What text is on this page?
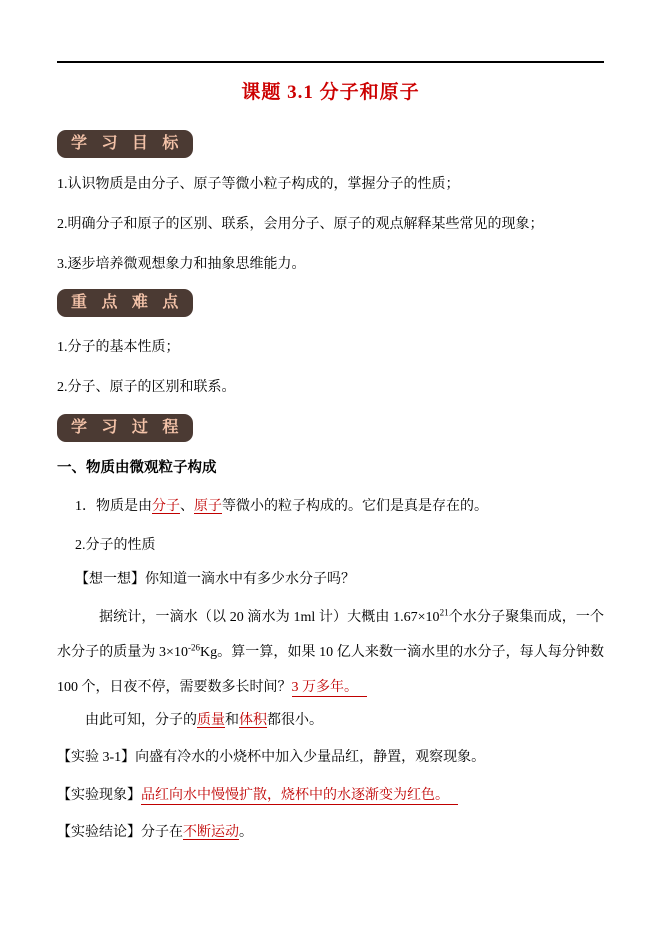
课题 3.1 分子和原子
学 习 目 标

1.认识物质是由分子、原子等微小粒子构成的，掌握分子的性质；

2.明确分子和原子的区别、联系，会用分子、原子的观点解释某些常见的现象；

3.逐步培养微观想象力和抽象思维能力。

重 点 难 点

1.分子的基本性质；

2.分子、原子的区别和联系。

学 习 过 程

一、物质由微观粒子构成

1．物质是由分子、原子等微小的粒子构成的。它们是真是存在的。

2.分子的性质

【想一想】你知道一滴水中有多少水分子吗？

据统计，一滴水（以 20 滴水为 1ml 计）大概由 $1.67\times 10^{21}$个水分子聚集而成，一个水分子的质量为 $3\times 10^{-26}Kg$。算一算，如果 10 亿人来数一滴水里的水分子，每人每分钟数 100 个，日夜不停，需要数多长时间？3 万多年。

由此可知，分子的质量和体积都很小。

【实验 3-1】向盛有冷水的小烧杯中加入少量品红，静置，观察现象。

【实验现象】品红向水中慢慢扩散，烧杯中的水逐渐变为红色。

【实验结论】分子在不断运动。
